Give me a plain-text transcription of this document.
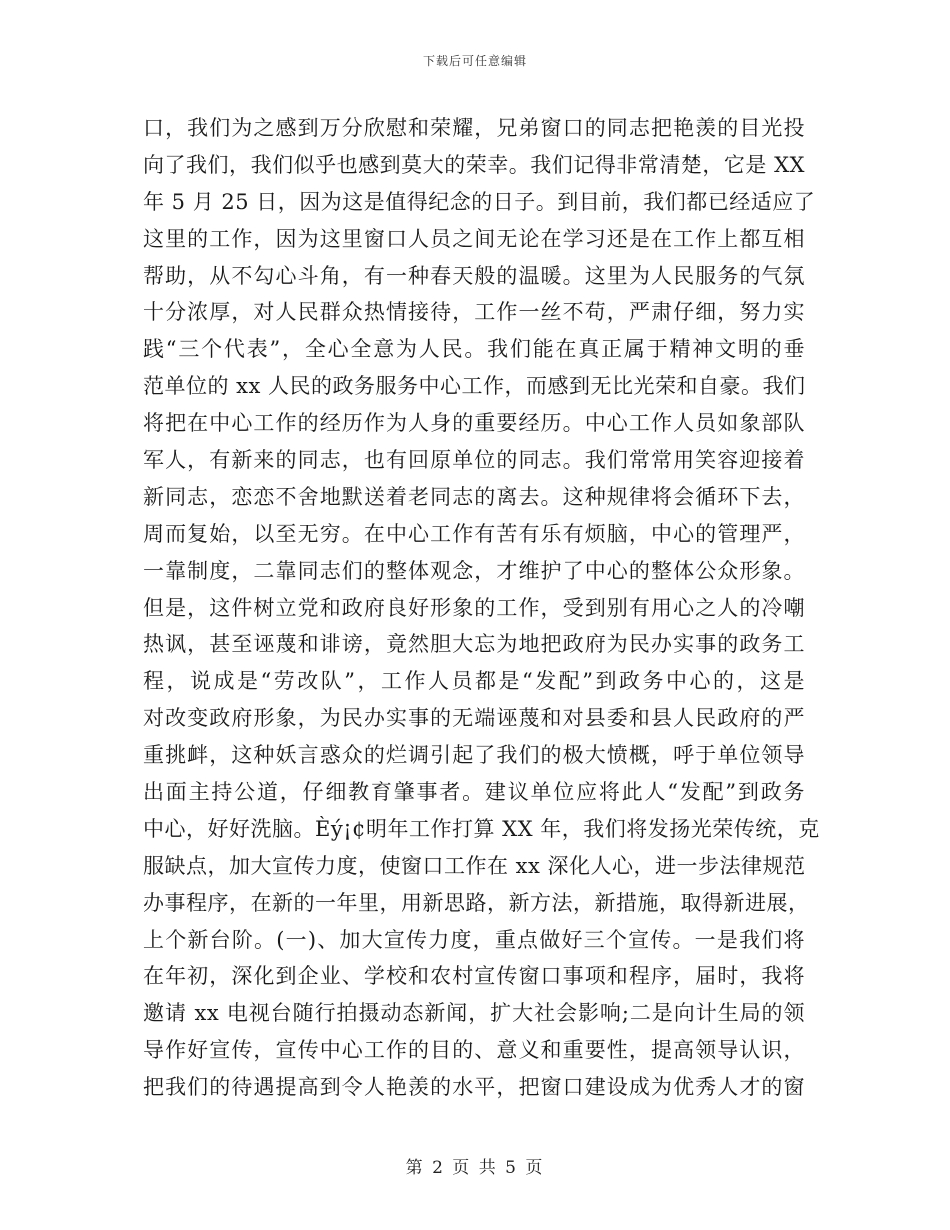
下载后可任意编辑
口，我们为之感到万分欣慰和荣耀，兄弟窗口的同志把艳羡的目光投
向了我们，我们似乎也感到莫大的荣幸。我们记得非常清楚，它是 XX
年 5 月 25 日，因为这是值得纪念的日子。到目前，我们都已经适应了
这里的工作，因为这里窗口人员之间无论在学习还是在工作上都互相
帮助，从不勾心斗角，有一种春天般的温暖。这里为人民服务的气氛
十分浓厚，对人民群众热情接待，工作一丝不苟，严肃仔细，努力实
践“三个代表”，全心全意为人民。我们能在真正属于精神文明的垂
范单位的 xx 人民的政务服务中心工作，而感到无比光荣和自豪。我们
将把在中心工作的经历作为人身的重要经历。中心工作人员如象部队
军人，有新来的同志，也有回原单位的同志。我们常常用笑容迎接着
新同志，恋恋不舍地默送着老同志的离去。这种规律将会循环下去，
周而复始，以至无穷。在中心工作有苦有乐有烦脑，中心的管理严，
一靠制度，二靠同志们的整体观念，才维护了中心的整体公众形象。
但是，这件树立党和政府良好形象的工作，受到别有用心之人的冷嘲
热讽，甚至诬蔑和诽谤，竟然胆大忘为地把政府为民办实事的政务工
程，说成是“劳改队”，工作人员都是“发配”到政务中心的，这是
对改变政府形象，为民办实事的无端诬蔑和对县委和县人民政府的严
重挑衅，这种妖言惑众的烂调引起了我们的极大愤概，呼于单位领导
出面主持公道，仔细教育肇事者。建议单位应将此人“发配”到政务
中心，好好洗脑。Èý¡¢明年工作打算 XX 年，我们将发扬光荣传统，克
服缺点，加大宣传力度，使窗口工作在 xx 深化人心，进一步法律规范
办事程序，在新的一年里，用新思路，新方法，新措施，取得新进展，
上个新台阶。(一)、加大宣传力度，重点做好三个宣传。一是我们将
在年初，深化到企业、学校和农村宣传窗口事项和程序，届时，我将
邀请 xx 电视台随行拍摄动态新闻，扩大社会影响;二是向计生局的领
导作好宣传，宣传中心工作的目的、意义和重要性，提高领导认识，
把我们的待遇提高到令人艳羡的水平，把窗口建设成为优秀人才的窗
第 2 页 共 5 页
